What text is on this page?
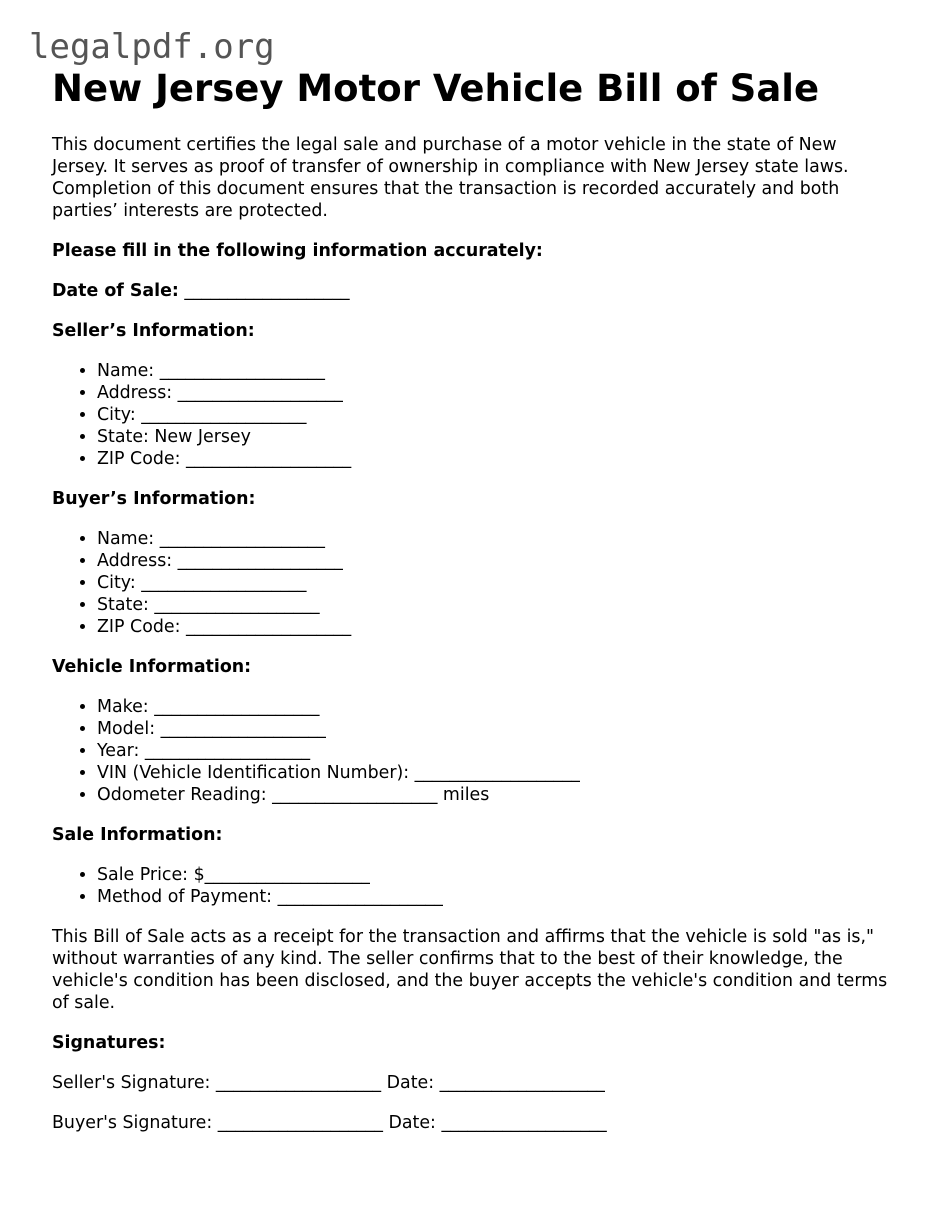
legalpdf.org
New Jersey Motor Vehicle Bill of Sale

This document certifies the legal sale and purchase of a motor vehicle in the state of New Jersey. It serves as proof of transfer of ownership in compliance with New Jersey state laws. Completion of this document ensures that the transaction is recorded accurately and both parties’ interests are protected.

Please fill in the following information accurately:

Date of Sale: ___________________

Seller’s Information:

• Name: ___________________
• Address: ___________________
• City: ___________________
• State: New Jersey
• ZIP Code: ___________________

Buyer’s Information:

• Name: ___________________
• Address: ___________________
• City: ___________________
• State: ___________________
• ZIP Code: ___________________

Vehicle Information:

• Make: ___________________
• Model: ___________________
• Year: ___________________
• VIN (Vehicle Identification Number): ___________________
• Odometer Reading: ___________________ miles

Sale Information:

• Sale Price: $___________________
• Method of Payment: ___________________

This Bill of Sale acts as a receipt for the transaction and affirms that the vehicle is sold "as is," without warranties of any kind. The seller confirms that to the best of their knowledge, the vehicle's condition has been disclosed, and the buyer accepts the vehicle's condition and terms of sale.

Signatures:

Seller's Signature: ___________________ Date: ___________________

Buyer's Signature: ___________________ Date: ___________________
